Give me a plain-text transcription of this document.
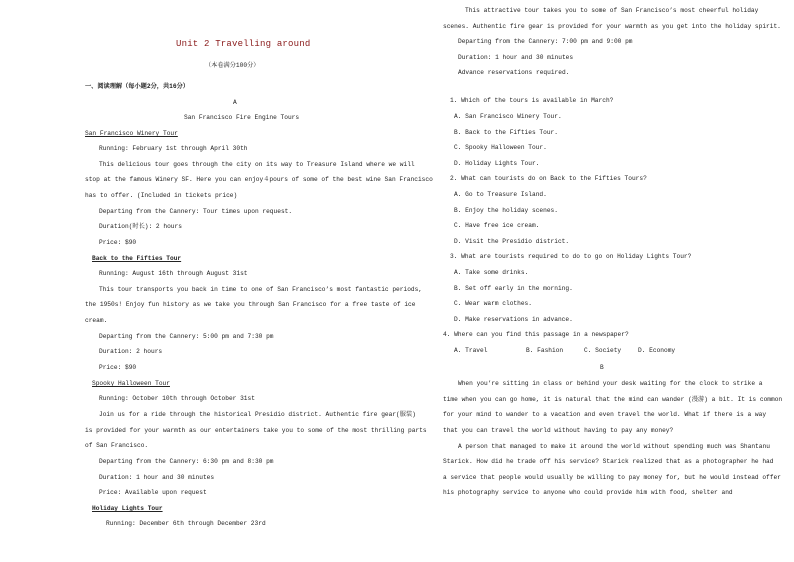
Unit 2 Travelling around
（本卷满分100分）
一、阅读理解（每小题2分，共16分）
A
San Francisco Fire Engine Tours
San Francisco Winery Tour
Running: February 1st through April 30th
This delicious tour goes through the city on its way to Treasure Island where we will
stop at the famous Winery SF. Here you can enjoy４pours of some of the best wine San Francisco
has to offer. (Included in tickets price)
Departing from the Cannery: Tour times upon request.
Duration(时长): 2 hours
Price: $90
Back to the Fifties Tour
Running: August 16th through August 31st
This tour transports you back in time to one of San Francisco’s most fantastic periods,
the 1950s! Enjoy fun history as we take you through San Francisco for a free taste of ice
cream.
Departing from the Cannery: 5:00 pm and 7:30 pm
Duration: 2 hours
Price: $90
Spooky Halloween Tour
Running: October 10th through October 31st
Join us for a ride through the historical Presidio district. Authentic fire gear(服装)
is provided for your warmth as our entertainers take you to some of the most thrilling parts
of San Francisco.
Departing from the Cannery: 6:30 pm and 8:30 pm
Duration: 1 hour and 30 minutes
Price: Available upon request
Holiday Lights Tour
Running: December 6th through December 23rd
This attractive tour takes you to some of San Francisco’s most cheerful holiday
scenes. Authentic fire gear is provided for your warmth as you get into the holiday spirit.
Departing from the Cannery: 7:00 pm and 9:00 pm
Duration: 1 hour and 30 minutes
Advance reservations required.
1. Which of the tours is available in March?
A. San Francisco Winery Tour.
B. Back to the Fifties Tour.
C. Spooky Halloween Tour.
D. Holiday Lights Tour.
2. What can tourists do on Back to the Fifties Tours?
A. Go to Treasure Island.
B. Enjoy the holiday scenes.
C. Have free ice cream.
D. Visit the Presidio district.
3. What are tourists required to do to go on Holiday Lights Tour?
A. Take some drinks.
B. Set off early in the morning.
C. Wear warm clothes.
D. Make reservations in advance.
4. Where can you find this passage in a newspaper?
A. Travel	B. Fashion	C. Society	D. Economy
B
When you’re sitting in class or behind your desk waiting for the clock to strike a
time when you can go home, it is natural that the mind can wander (漫游) a bit. It is common
for your mind to wander to a vacation and even travel the world. What if there is a way
that you can travel the world without having to pay any money?
A person that managed to make it around the world without spending much was Shantanu
Starick. How did he trade off his service? Starick realized that as a photographer he had
a service that people would usually be willing to pay money for, but he would instead offer
his photography service to anyone who could provide him with food, shelter and
